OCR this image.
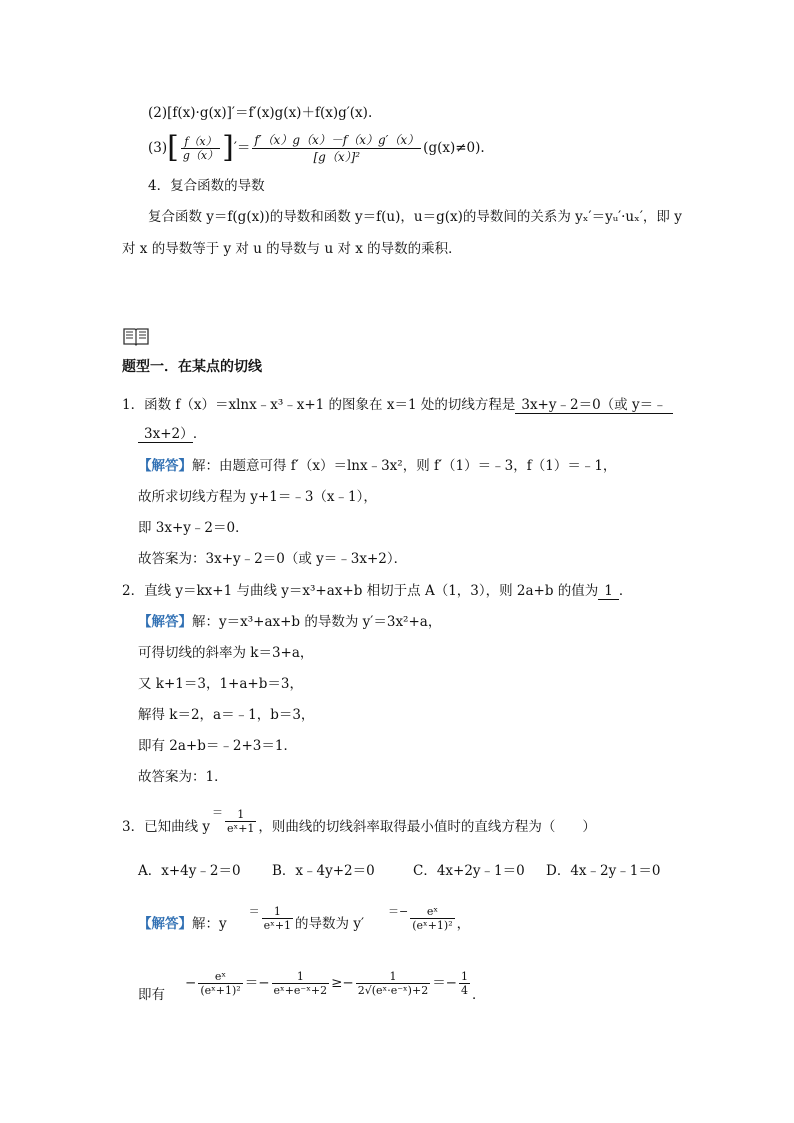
(2)[f(x)·g(x)]′＝f′(x)g(x)＋f(x)g′(x).
(3) [ $\frac{f(x)}{g(x)}$ ] ′＝ $\frac{f'(x)g(x)-f(x)g'(x)}{\text{[g（x）]²}} (g(x)\ne 0)$.
4．复合函数的导数
复合函数 y＝f(g(x))的导数和函数 y＝f(u)，u＝g(x)的导数间的关系为 yₓ′＝yᵤ′·uₓ′，即 y
对 x 的导数等于 y 对 u 的导数与 u 对 x 的导数的乘积．
题型一．在某点的切线
1．函数 f（x）＝xlnx﹣x³﹣x+1 的图象在 x＝1 处的切线方程是 3x+y﹣2＝0（或 y＝﹣
3x+2） ．
【解答】解：由题意可得 f′（x）＝lnx﹣3x²，则 f′（1）＝﹣3，f（1）＝﹣1，
故所求切线方程为 y+1＝﹣3（x﹣1），
即 3x+y﹣2＝0．
故答案为：3x+y﹣2＝0（或 y＝﹣3x+2）．
2．直线 y＝kx+1 与曲线 y＝x³+ax+b 相切于点 A（1，3），则 2a+b 的值为 1 ．
【解答】解：y＝x³+ax+b 的导数为 y′＝3x²+a，
可得切线的斜率为 k＝3+a，
又 k+1＝3，1+a+b＝3，
解得 k＝2，a＝﹣1，b＝3，
即有 2a+b＝﹣2+3＝1．
故答案为：1．
3．已知曲线 y
＝ $\frac{1}{\text{eˣ+1}}$ ，则曲线的切线斜率取得最小值时的直线方程为（　　）
A．x+4y﹣2＝0 B．x﹣4y+2＝0	C．4x+2y﹣1＝0 D．4x﹣2y﹣1＝0
【解答】 解：y
＝ $\frac{1}{\text{eˣ+1}}$ 的导数为 y′
＝− $\frac{\text{eˣ}}{\text{(eˣ+1)²}}$ ，
即有
− $\frac{\text{eˣ}}{\text{(eˣ+1)²}} =- \frac{1}{\text{eˣ+e⁻ˣ+2}} \ge- \frac{1}{\text{2√(eˣ·e⁻ˣ)+2}} =- \frac{1}{4}$ ．
